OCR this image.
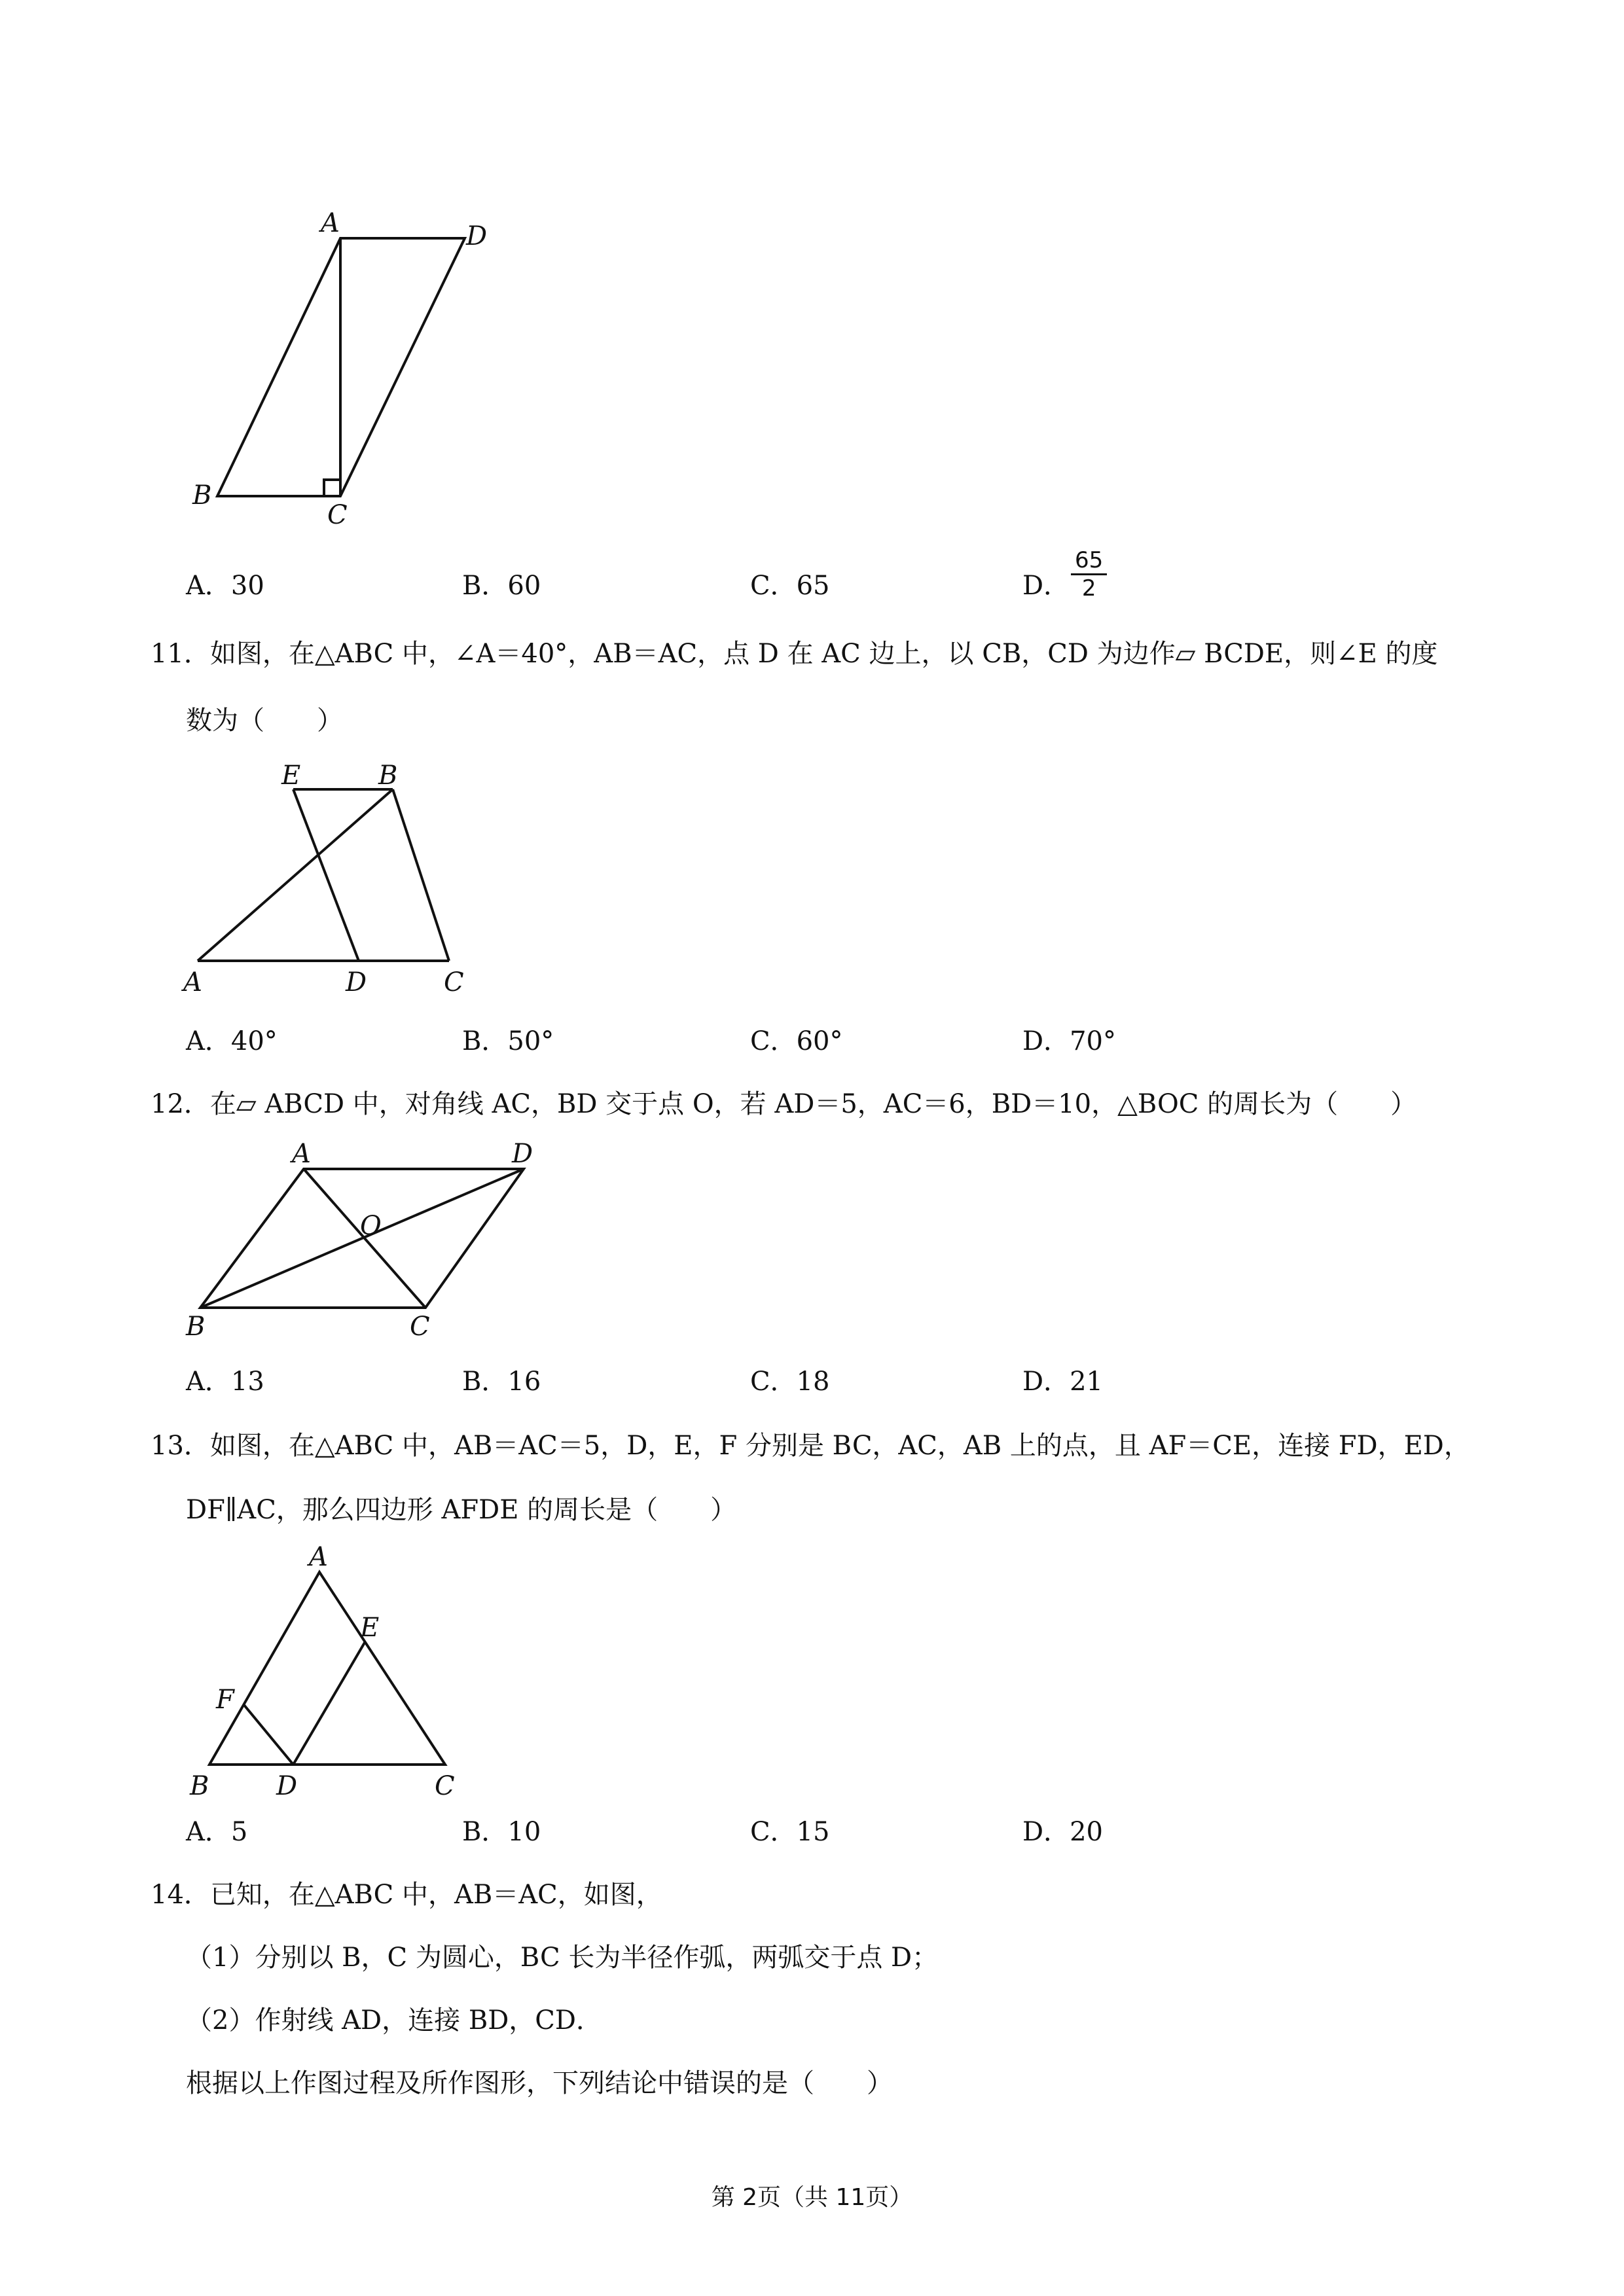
A	D
B
C
A．30	B．60	C．65	D． $\frac{65}{2}$
11．如图，在△ABC 中，∠A＝40°，AB＝AC，点 D 在 AC 边上，以 CB，CD 为边作▱ BCDE，则∠E 的度
数为（　　）
E	B
A	D	C
A．40°	B．50°	C．60°	D．70°
12．在▱ ABCD 中，对角线 AC，BD 交于点 O，若 AD＝5，AC＝6，BD＝10，△BOC 的周长为（　　）
A	D
O
B	C
A．13	B．16	C．18	D．21
13．如图，在△ABC 中，AB＝AC＝5，D，E，F 分别是 BC，AC，AB 上的点，且 AF＝CE，连接 FD，ED，
DF∥AC，那么四边形 AFDE 的周长是（　　）
A
E
F
B	D	C
A．5	B．10	C．15	D．20
14．已知，在△ABC 中，AB＝AC，如图，
（1）分别以 B，C 为圆心，BC 长为半径作弧，两弧交于点 D；
（2）作射线 AD，连接 BD，CD．
根据以上作图过程及所作图形，下列结论中错误的是（　　）
第 2页（共 11页）
